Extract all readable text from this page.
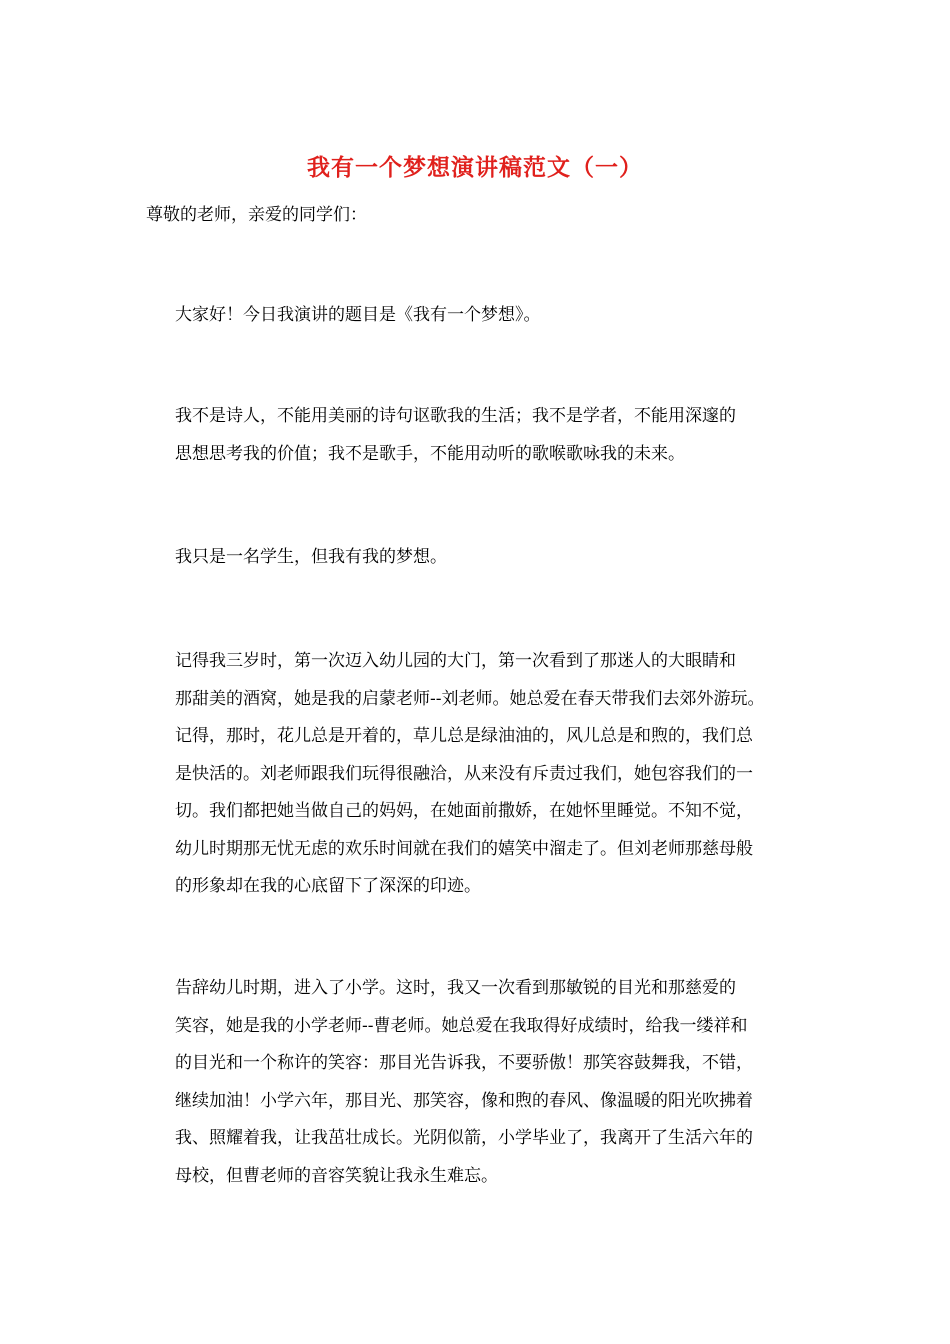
我有一个梦想演讲稿范文（一）

尊敬的老师，亲爱的同学们：

大家好！今日我演讲的题目是《我有一个梦想》。

我不是诗人，不能用美丽的诗句讴歌我的生活；我不是学者，不能用深邃的
思想思考我的价值；我不是歌手，不能用动听的歌喉歌咏我的未来。

我只是一名学生，但我有我的梦想。

记得我三岁时，第一次迈入幼儿园的大门，第一次看到了那迷人的大眼睛和
那甜美的酒窝，她是我的启蒙老师--刘老师。她总爱在春天带我们去郊外游玩。
记得，那时，花儿总是开着的，草儿总是绿油油的，风儿总是和煦的，我们总
是快活的。刘老师跟我们玩得很融洽，从来没有斥责过我们，她包容我们的一
切。我们都把她当做自己的妈妈，在她面前撒娇，在她怀里睡觉。不知不觉，
幼儿时期那无忧无虑的欢乐时间就在我们的嬉笑中溜走了。但刘老师那慈母般
的形象却在我的心底留下了深深的印迹。

告辞幼儿时期，进入了小学。这时，我又一次看到那敏锐的目光和那慈爱的
笑容，她是我的小学老师--曹老师。她总爱在我取得好成绩时，给我一缕祥和
的目光和一个称许的笑容：那目光告诉我，不要骄傲！那笑容鼓舞我，不错，
继续加油！小学六年，那目光、那笑容，像和煦的春风、像温暖的阳光吹拂着
我、照耀着我，让我茁壮成长。光阴似箭，小学毕业了，我离开了生活六年的
母校，但曹老师的音容笑貌让我永生难忘。
